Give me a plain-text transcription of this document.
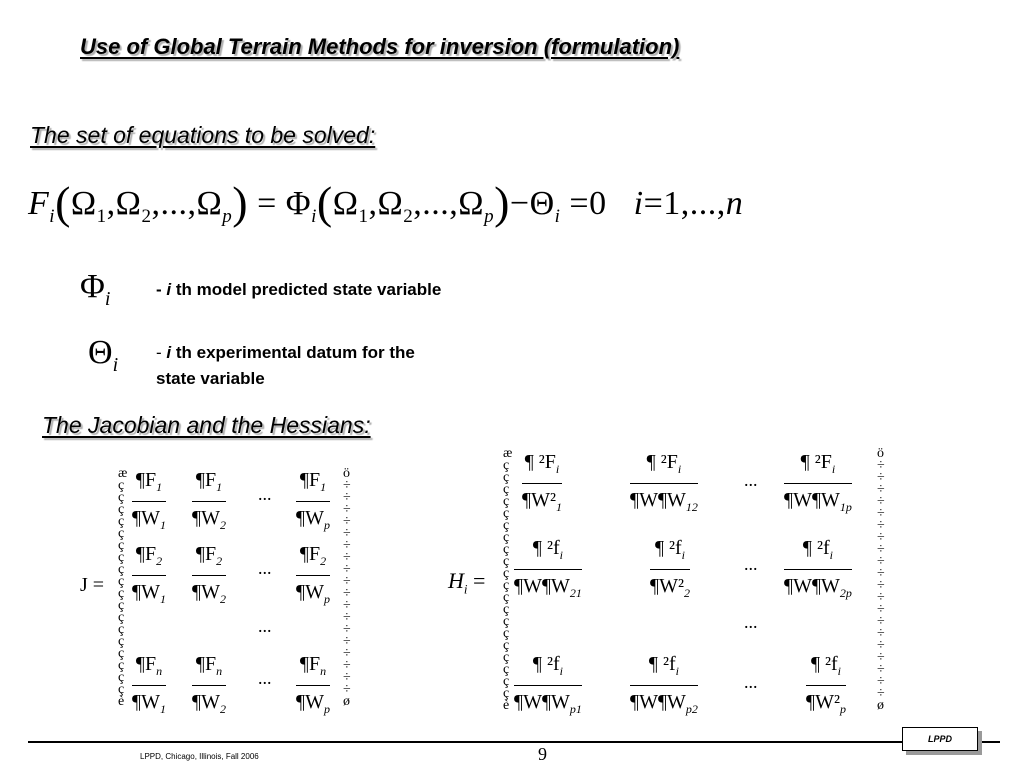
Use of Global Terrain Methods for inversion (formulation)
The set of equations to be solved:
$F_i(\Omega_1,\Omega_2,...,\Omega_p) = \Phi_i(\Omega_1,\Omega_2,...,\Omega_p)-\Theta_i =0$ i=1,...,n
$\Phi_i$	- i th model predicted state variable
$\Theta_i$
- i th experimental datum for the
state variable
The Jacobian and the Hessians:
J =
æ
ç
ç
ç
ç
ç
ç
ç
ç
ç
ç
ç
ç
ç
ç
ç
ç
ç
ç
è
ö
÷
÷
÷
÷
÷
÷
÷
÷
÷
÷
÷
÷
÷
÷
÷
÷
÷
÷
ø
$\frac{\P F_1}{\P W_1} \frac{\P F_1}{\P W_2}$ ... $\frac{\P F_1}{\P W_p}$
$\frac{\P F_2}{\P W_1} \frac{\P F_2}{\P W_2}$ ... $\frac{\P F_2}{\P W_p}$
...
$\frac{\P F_n}{\P W_1} \frac{\P F_n}{\P W_2}$ ... $\frac{\P F_n}{\P W_p}$
$H_i$ =
æ
ç
ç
ç
ç
ç
ç
ç
ç
ç
ç
ç
ç
ç
ç
ç
ç
ç
ç
ç
ç
è
ö
÷
÷
÷
÷
÷
÷
÷
÷
÷
÷
÷
÷
÷
÷
÷
÷
÷
÷
÷
÷
ø
$\frac{\P ^2F_i}{\P W^2_1}$	$\frac{\P ^2F_i}{\P W\P W_{12}}$	... $\frac{\P ^2F_i}{\P W\P W_{1p}}$
$\frac{\P ^2f_i}{\P W\P W_{21}}$	$\frac{\P ^2f_i}{\P W^2_2}$	... $\frac{\P ^2f_i}{\P W\P W_{2p}}$
...
$\frac{\P ^2f_i}{\P W\P W_{p1}} \frac{\P ^2f_i}{\P W\P W_{p2}}$	... $\frac{\P ^2f_i}{\P W^2_p}$
LPPD, Chicago, Illinois, Fall 2006	9
LPPD
